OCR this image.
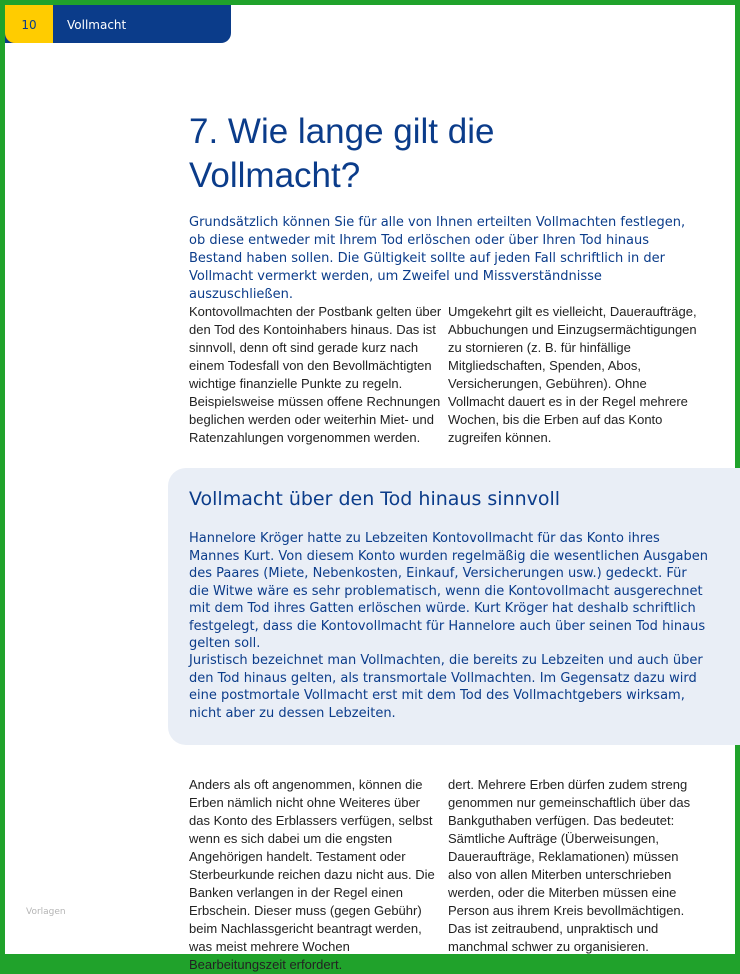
10	Vollmacht
7. Wie lange gilt die Vollmacht?

Grundsätzlich können Sie für alle von Ihnen erteilten Vollmachten festlegen, ob diese entweder mit Ihrem Tod erlöschen oder über Ihren Tod hinaus Bestand haben sollen. Die Gültigkeit sollte auf jeden Fall schriftlich in der Vollmacht vermerkt werden, um Zweifel und Missverständnisse auszuschließen.

Kontovollmachten der Postbank gelten über den Tod des Kontoinhabers hinaus. Das ist sinnvoll, denn oft sind gerade kurz nach einem Todesfall von den Bevollmächtigten wichtige finanzielle Punkte zu regeln. Beispielsweise müssen offene Rechnungen beglichen werden oder weiterhin Miet- und Ratenzahlungen vorgenommen werden.

Umgekehrt gilt es vielleicht, Daueraufträge, Abbuchungen und Einzugsermächtigungen zu stornieren (z. B. für hinfällige Mitgliedschaften, Spenden, Abos, Versicherungen, Gebühren). Ohne Vollmacht dauert es in der Regel mehrere Wochen, bis die Erben auf das Konto zugreifen können.

Vollmacht über den Tod hinaus sinnvoll

Hannelore Kröger hatte zu Lebzeiten Kontovollmacht für das Konto ihres Mannes Kurt. Von diesem Konto wurden regelmäßig die wesentlichen Ausgaben des Paares (Miete, Nebenkosten, Einkauf, Versicherungen usw.) gedeckt. Für die Witwe wäre es sehr problematisch, wenn die Kontovollmacht ausgerechnet mit dem Tod ihres Gatten erlöschen würde. Kurt Kröger hat deshalb schriftlich festgelegt, dass die Kontovollmacht für Hannelore auch über seinen Tod hinaus gelten soll.

Juristisch bezeichnet man Vollmachten, die bereits zu Lebzeiten und auch über den Tod hinaus gelten, als transmortale Vollmachten. Im Gegensatz dazu wird eine postmortale Vollmacht erst mit dem Tod des Vollmachtgebers wirksam, nicht aber zu dessen Lebzeiten.

Anders als oft angenommen, können die Erben nämlich nicht ohne Weiteres über das Konto des Erblassers verfügen, selbst wenn es sich dabei um die engsten Angehörigen handelt. Testament oder Sterbeurkunde reichen dazu nicht aus. Die Banken verlangen in der Regel einen Erbschein. Dieser muss (gegen Gebühr) beim Nachlassgericht beantragt werden, was meist mehrere Wochen Bearbeitungszeit erfordert.

dert. Mehrere Erben dürfen zudem streng genommen nur gemeinschaftlich über das Bankguthaben verfügen. Das bedeutet: Sämtliche Aufträge (Überweisungen, Daueraufträge, Reklamationen) müssen also von allen Miterben unterschrieben werden, oder die Miterben müssen eine Person aus ihrem Kreis bevollmächtigen. Das ist zeitraubend, unpraktisch und manchmal schwer zu organisieren.

Vorlagen
